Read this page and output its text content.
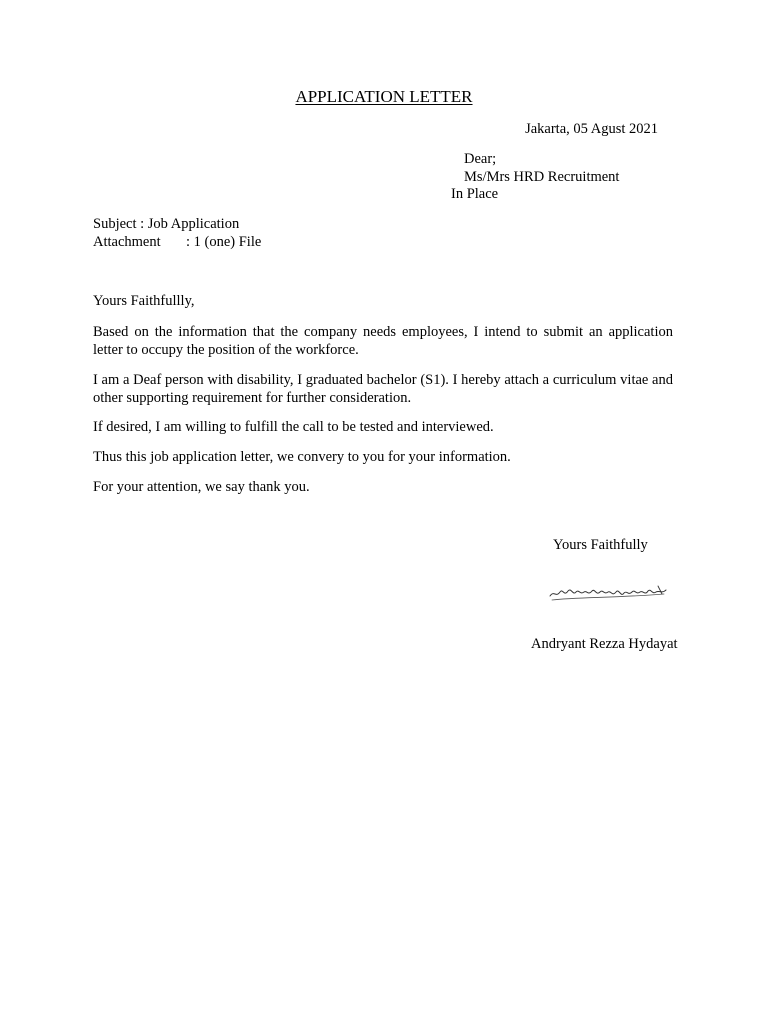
APPLICATION LETTER
Jakarta, 05 Agust 2021
Dear;
Ms/Mrs HRD Recruitment
In Place
Subject : Job Application
Attachment : 1 (one) File
Yours Faithfullly,

Based on the information that the company needs employees, I intend to submit an application letter to occupy the position of the workforce.

I am a Deaf person with disability, I graduated bachelor (S1). I hereby attach a curriculum vitae and other supporting requirement for further consideration.

If desired, I am willing to fulfill the call to be tested and interviewed.

Thus this job application letter, we convery to you for your information.

For your attention, we say thank you.

Yours Faithfully
Andryant Rezza Hydayat
